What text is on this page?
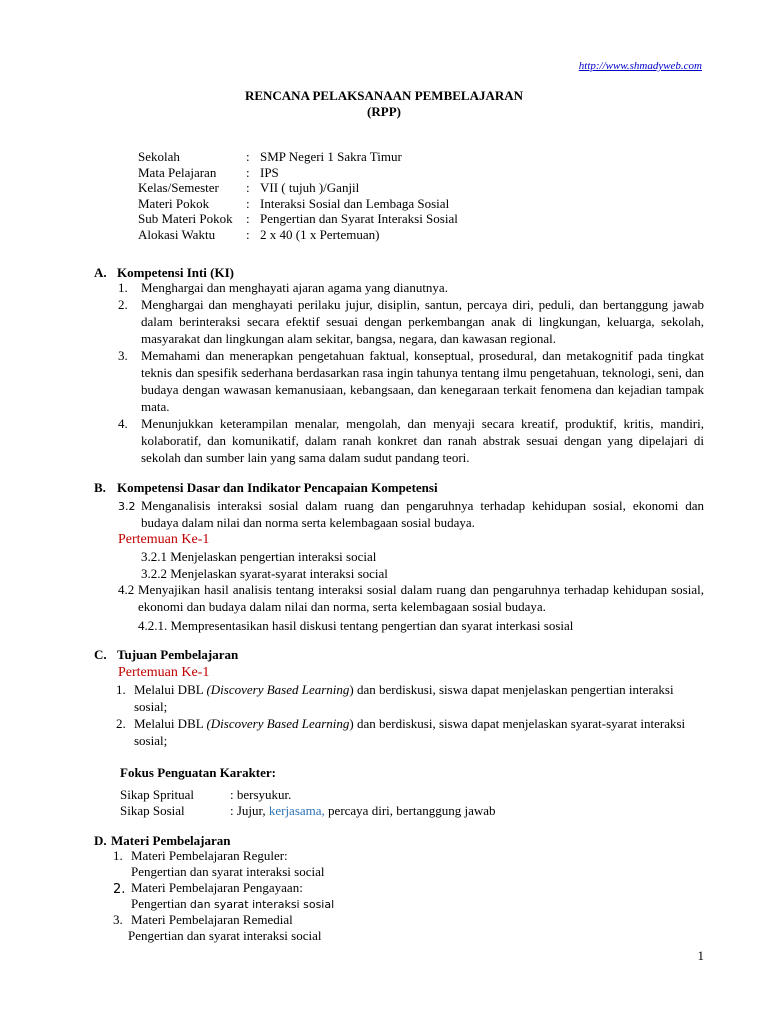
http://www.shmadyweb.com
RENCANA PELAKSANAAN PEMBELAJARAN
(RPP)
Sekolah	:	SMP Negeri 1 Sakra Timur
Mata Pelajaran	:	IPS
Kelas/Semester	:	VII ( tujuh )/Ganjil
Materi Pokok	:	Interaksi Sosial dan Lembaga Sosial
Sub Materi Pokok	:	Pengertian dan Syarat Interaksi Sosial
Alokasi Waktu	:	2 x 40 (1 x Pertemuan)
A. Kompetensi Inti (KI)
1. Menghargai dan menghayati ajaran agama yang dianutnya.
2. Menghargai dan menghayati perilaku jujur, disiplin, santun, percaya diri, peduli, dan bertanggung jawab dalam berinteraksi secara efektif sesuai dengan perkembangan anak di lingkungan, keluarga, sekolah, masyarakat dan lingkungan alam sekitar, bangsa, negara, dan kawasan regional.
3. Memahami dan menerapkan pengetahuan faktual, konseptual, prosedural, dan metakognitif pada tingkat teknis dan spesifik sederhana berdasarkan rasa ingin tahunya tentang ilmu pengetahuan, teknologi, seni, dan budaya dengan wawasan kemanusiaan, kebangsaan, dan kenegaraan terkait fenomena dan kejadian tampak mata.
4. Menunjukkan keterampilan menalar, mengolah, dan menyaji secara kreatif, produktif, kritis, mandiri, kolaboratif, dan komunikatif, dalam ranah konkret dan ranah abstrak sesuai dengan yang dipelajari di sekolah dan sumber lain yang sama dalam sudut pandang teori.
B. Kompetensi Dasar dan Indikator Pencapaian Kompetensi
3.2 Menganalisis interaksi sosial dalam ruang dan pengaruhnya terhadap kehidupan sosial, ekonomi dan budaya dalam nilai dan norma serta kelembagaan sosial budaya.
Pertemuan Ke-1
3.2.1 Menjelaskan pengertian interaksi social
3.2.2 Menjelaskan syarat-syarat interaksi social
4.2 Menyajikan hasil analisis tentang interaksi sosial dalam ruang dan pengaruhnya terhadap kehidupan sosial, ekonomi dan budaya dalam nilai dan norma, serta kelembagaan sosial budaya.
4.2.1. Mempresentasikan hasil diskusi tentang pengertian dan syarat interkasi sosial
C. Tujuan Pembelajaran
Pertemuan Ke-1
1. Melalui DBL (Discovery Based Learning) dan berdiskusi, siswa dapat menjelaskan pengertian interaksi sosial;
2. Melalui DBL (Discovery Based Learning) dan berdiskusi, siswa dapat menjelaskan syarat-syarat interaksi sosial;
Fokus Penguatan Karakter:
Sikap Spritual	: bersyukur.
Sikap Sosial	: Jujur, kerjasama, percaya diri, bertanggung jawab
D. Materi Pembelajaran
1. Materi Pembelajaran Reguler:
Pengertian dan syarat interaksi social
2. Materi Pembelajaran Pengayaan:
Pengertian dan syarat interaksi sosial
3. Materi Pembelajaran Remedial
Pengertian dan syarat interaksi social
1
